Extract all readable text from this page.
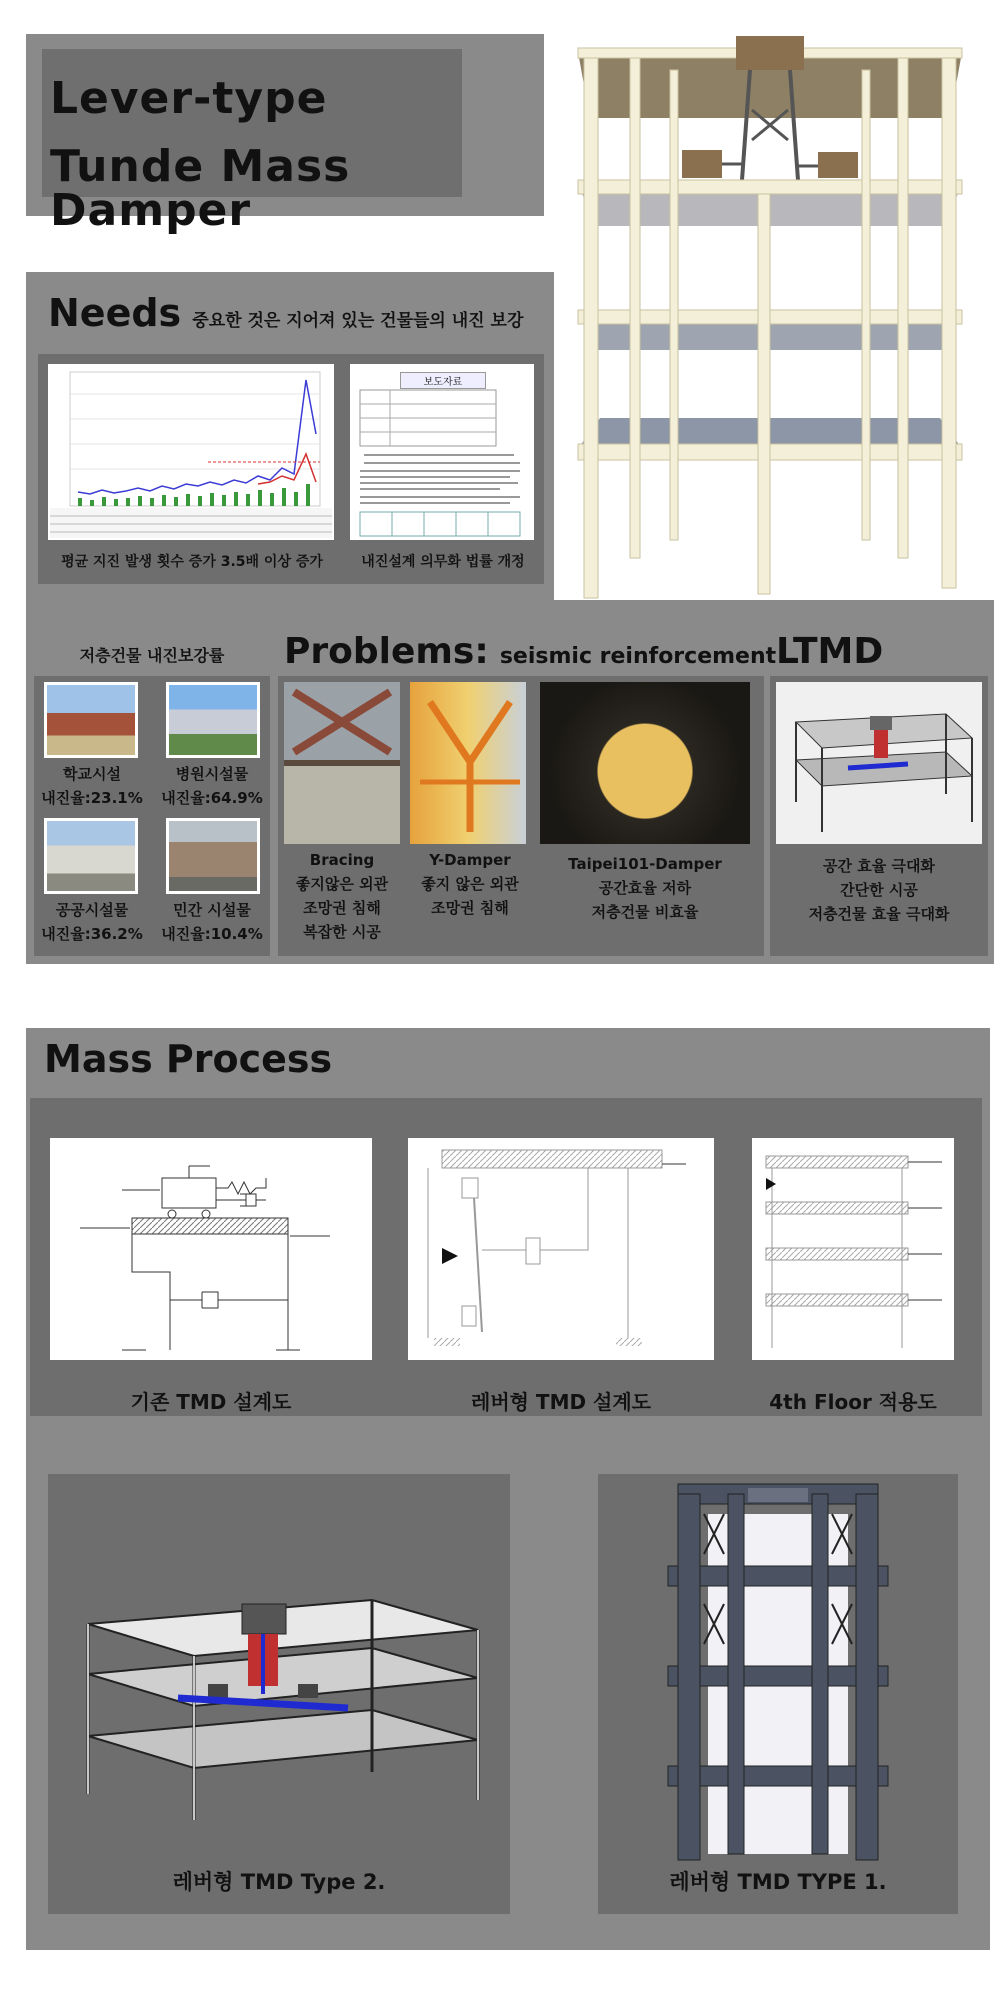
Lever-type
Tunde Mass Damper
Needs 중요한 것은 지어져 있는 건물들의 내진 보강
보도자료
평균 지진 발생 횟수 증가 3.5배 이상 증가	내진설계 의무화 법률 개정
저층건물 내진보강률
학교시설
내진율:23.1%
병원시설물
내진율:64.9%
공공시설물
내진율:36.2%
민간 시설물
내진율:10.4%
Problems: seismic reinforcement
Bracing
좋지않은 외관
조망권 침해
복잡한 시공
Y-Damper
좋지 않은 외관
조망권 침해
Taipei101-Damper
공간효율 저하
저층건물 비효율
LTMD
공간 효율 극대화
간단한 시공
저층건물 효율 극대화
Mass Process
기존 TMD 설계도	레버형 TMD 설계도	4th Floor 적용도
레버형 TMD Type 2.	레버형 TMD TYPE 1.
